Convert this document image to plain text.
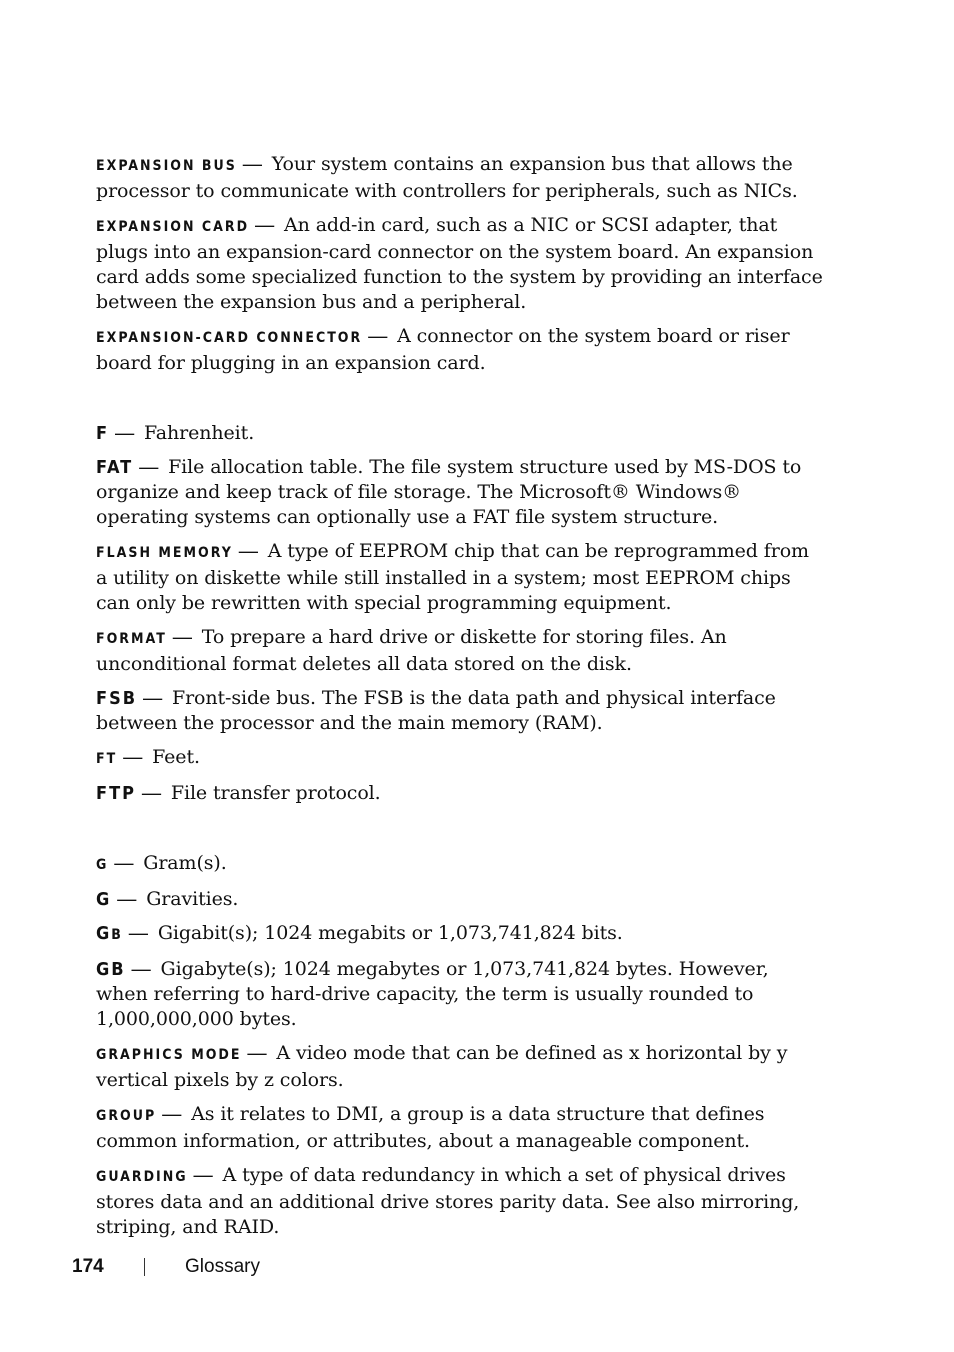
EXPANSION BUS — Your system contains an expansion bus that allows the processor to communicate with controllers for peripherals, such as NICs.

EXPANSION CARD — An add-in card, such as a NIC or SCSI adapter, that plugs into an expansion-card connector on the system board. An expansion card adds some specialized function to the system by providing an interface between the expansion bus and a peripheral.

EXPANSION-CARD CONNECTOR — A connector on the system board or riser board for plugging in an expansion card.

F — Fahrenheit.

FAT — File allocation table. The file system structure used by MS-DOS to organize and keep track of file storage. The Microsoft® Windows® operating systems can optionally use a FAT file system structure.

FLASH MEMORY — A type of EEPROM chip that can be reprogrammed from a utility on diskette while still installed in a system; most EEPROM chips can only be rewritten with special programming equipment.

FORMAT — To prepare a hard drive or diskette for storing files. An unconditional format deletes all data stored on the disk.

FSB — Front-side bus. The FSB is the data path and physical interface between the processor and the main memory (RAM).

FT — Feet.

FTP — File transfer protocol.

G — Gram(s).

G — Gravities.

GB — Gigabit(s); 1024 megabits or 1,073,741,824 bits.

GB — Gigabyte(s); 1024 megabytes or 1,073,741,824 bytes. However, when referring to hard-drive capacity, the term is usually rounded to 1,000,000,000 bytes.

GRAPHICS MODE — A video mode that can be defined as x horizontal by y vertical pixels by z colors.

GROUP — As it relates to DMI, a group is a data structure that defines common information, or attributes, about a manageable component.

GUARDING — A type of data redundancy in which a set of physical drives stores data and an additional drive stores parity data. See also mirroring, striping, and RAID.

174	Glossary
